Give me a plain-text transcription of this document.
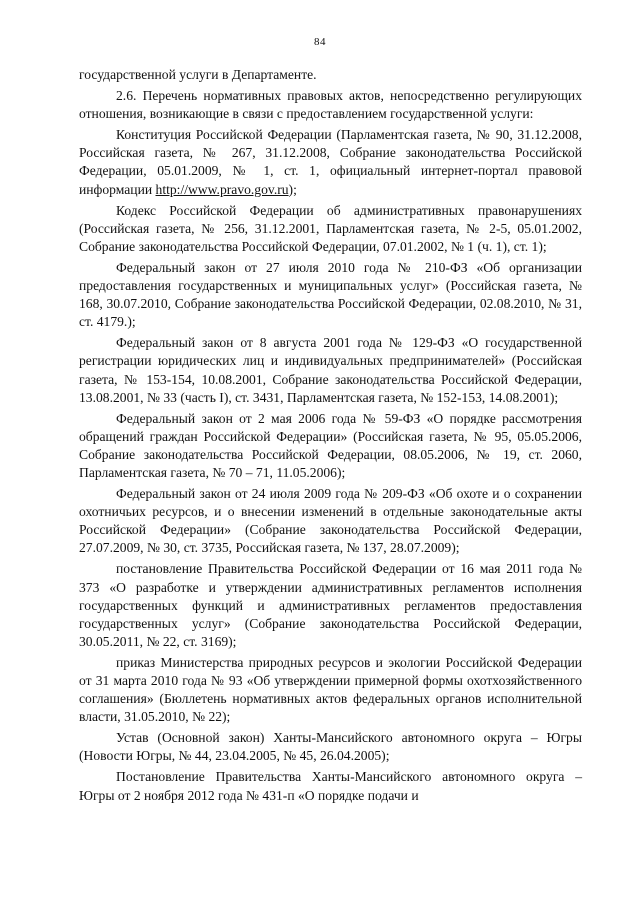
84

государственной услуги в Департаменте.

2.6. Перечень нормативных правовых актов, непосредственно регулирующих отношения, возникающие в связи с предоставлением государственной услуги:

Конституция Российской Федерации (Парламентская газета, № 90, 31.12.2008, Российская газета, № 267, 31.12.2008, Собрание законодательства Российской Федерации, 05.01.2009, № 1, ст. 1, официальный интернет-портал правовой информации http://www.pravo.gov.ru);

Кодекс Российской Федерации об административных правонарушениях (Российская газета, № 256, 31.12.2001, Парламентская газета, № 2-5, 05.01.2002, Собрание законодательства Российской Федерации, 07.01.2002, № 1 (ч. 1), ст. 1);

Федеральный закон от 27 июля 2010 года № 210-ФЗ «Об организации предоставления государственных и муниципальных услуг» (Российская газета, № 168, 30.07.2010, Собрание законодательства Российской Федерации, 02.08.2010, № 31, ст. 4179.);

Федеральный закон от 8 августа 2001 года № 129-ФЗ «О государственной регистрации юридических лиц и индивидуальных предпринимателей» (Российская газета, № 153-154, 10.08.2001, Собрание законодательства Российской Федерации, 13.08.2001, № 33 (часть I), ст. 3431, Парламентская газета, № 152-153, 14.08.2001);

Федеральный закон от 2 мая 2006 года № 59-ФЗ «О порядке рассмотрения обращений граждан Российской Федерации» (Российская газета, № 95, 05.05.2006, Собрание законодательства Российской Федерации, 08.05.2006, № 19, ст. 2060, Парламентская газета, № 70 – 71, 11.05.2006);

Федеральный закон от 24 июля 2009 года № 209-ФЗ «Об охоте и о сохранении охотничьих ресурсов, и о внесении изменений в отдельные законодательные акты Российской Федерации» (Собрание законодательства Российской Федерации, 27.07.2009, № 30, ст. 3735, Российская газета, № 137, 28.07.2009);

постановление Правительства Российской Федерации от 16 мая 2011 года № 373 «О разработке и утверждении административных регламентов исполнения государственных функций и административных регламентов предоставления государственных услуг» (Собрание законодательства Российской Федерации, 30.05.2011, № 22, ст. 3169);

приказ Министерства природных ресурсов и экологии Российской Федерации от 31 марта 2010 года № 93 «Об утверждении примерной формы охотхозяйственного соглашения» (Бюллетень нормативных актов федеральных органов исполнительной власти, 31.05.2010, № 22);

Устав (Основной закон) Ханты-Мансийского автономного округа – Югры (Новости Югры, № 44, 23.04.2005, № 45, 26.04.2005);

Постановление Правительства Ханты-Мансийского автономного округа – Югры от 2 ноября 2012 года № 431-п «О порядке подачи и
